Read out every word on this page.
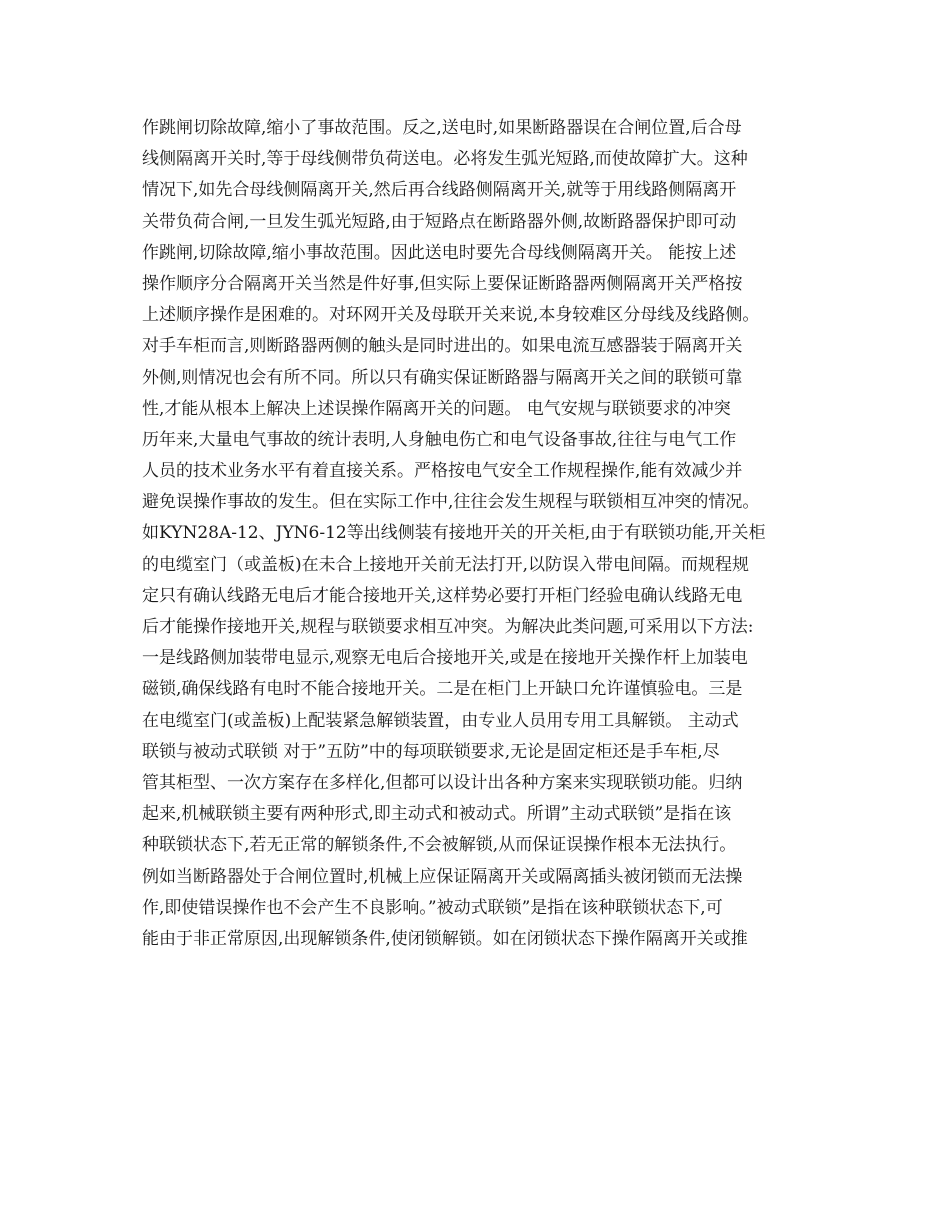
作跳闸切除故障,缩小了事故范围。反之,送电时,如果断路器误在合闸位置,后合母
线侧隔离开关时,等于母线侧带负荷送电。必将发生弧光短路,而使故障扩大。这种
情况下,如先合母线侧隔离开关,然后再合线路侧隔离开关,就等于用线路侧隔离开
关带负荷合闸,一旦发生弧光短路,由于短路点在断路器外侧,故断路器保护即可动
作跳闸,切除故障,缩小事故范围。因此送电时要先合母线侧隔离开关。 能按上述
操作顺序分合隔离开关当然是件好事,但实际上要保证断路器两侧隔离开关严格按
上述顺序操作是困难的。对环网开关及母联开关来说,本身较难区分母线及线路侧。
对手车柜而言,则断路器两侧的触头是同时进出的。如果电流互感器装于隔离开关
外侧,则情况也会有所不同。所以只有确实保证断路器与隔离开关之间的联锁可靠
性,才能从根本上解决上述误操作隔离开关的问题。 电气安规与联锁要求的冲突
历年来,大量电气事故的统计表明,人身触电伤亡和电气设备事故,往往与电气工作
人员的技术业务水平有着直接关系。严格按电气安全工作规程操作,能有效减少并
避免误操作事故的发生。但在实际工作中,往往会发生规程与联锁相互冲突的情况。
如KYN28A-12、JYN6-12等出线侧装有接地开关的开关柜,由于有联锁功能,开关柜
的电缆室门（或盖板)在未合上接地开关前无法打开,以防误入带电间隔。而规程规
定只有确认线路无电后才能合接地开关,这样势必要打开柜门经验电确认线路无电
后才能操作接地开关,规程与联锁要求相互冲突。为解决此类问题,可采用以下方法:
一是线路侧加装带电显示,观察无电后合接地开关,或是在接地开关操作杆上加装电
磁锁,确保线路有电时不能合接地开关。二是在柜门上开缺口允许谨慎验电。三是
在电缆室门(或盖板)上配装紧急解锁装置，由专业人员用专用工具解锁。 主动式
联锁与被动式联锁 对于”五防”中的每项联锁要求,无论是固定柜还是手车柜,尽
管其柜型、一次方案存在多样化,但都可以设计出各种方案来实现联锁功能。归纳
起来,机械联锁主要有两种形式,即主动式和被动式。所谓”主动式联锁”是指在该
种联锁状态下,若无正常的解锁条件,不会被解锁,从而保证误操作根本无法执行。
例如当断路器处于合闸位置时,机械上应保证隔离开关或隔离插头被闭锁而无法操
作,即使错误操作也不会产生不良影响。”被动式联锁”是指在该种联锁状态下,可
能由于非正常原因,出现解锁条件,使闭锁解锁。如在闭锁状态下操作隔离开关或推
